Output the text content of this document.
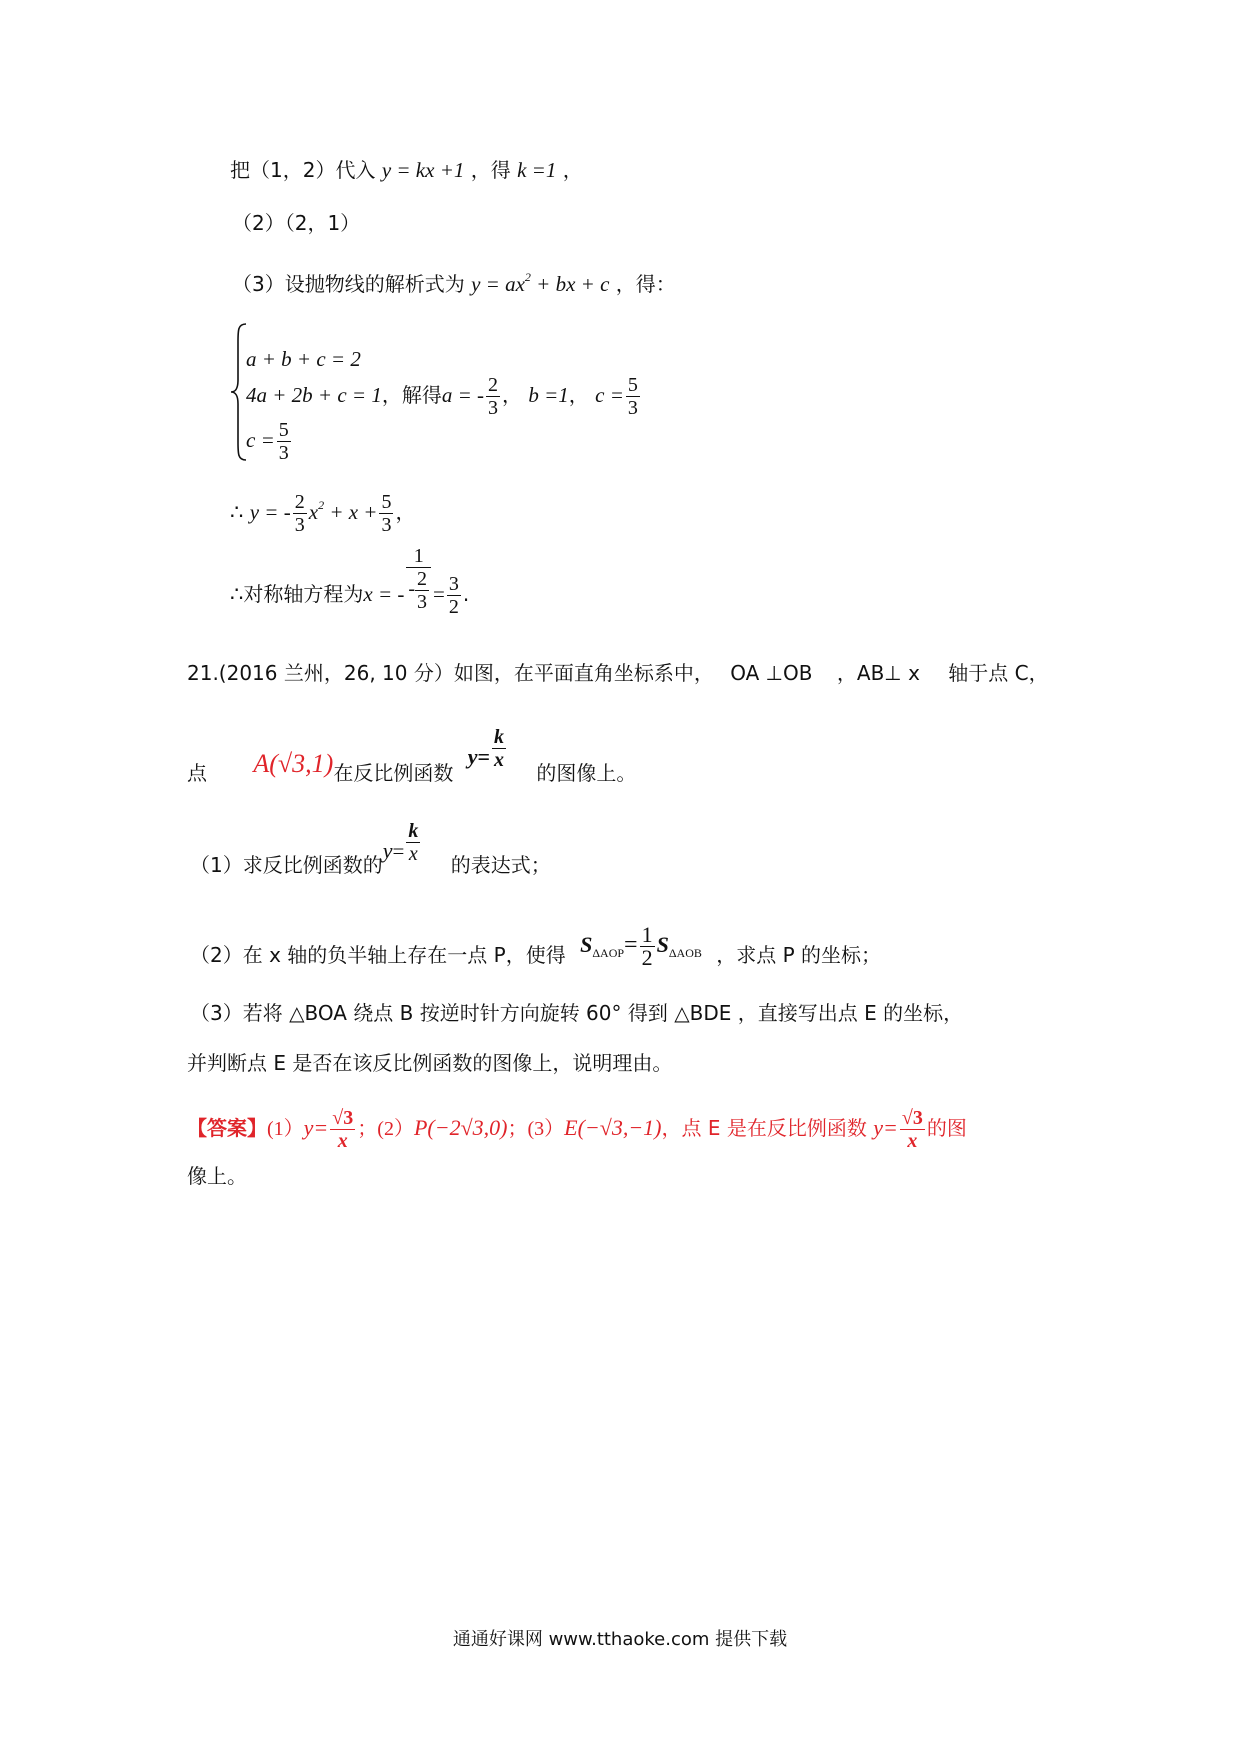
把（1，2）代入 y = kx +1 ，得 k =1 ，
（2）（2，1）
（3）设抛物线的解析式为 $y = ax^2$ + bx + c ，得：
a + b + c = 2
4a + 2b + c = 1，解得a = - $\frac{2}{3}$ ， b =1， $c = \frac{5}{3}$
$c = \frac{5}{3}$
∴ y = - $\frac{2}{3} x^2 + x + \frac{5}{3}$ ，
∴对称轴方程为x = - $\frac{1}{- \frac{2}{3}} = \frac{3}{2}$ .
21.(2016 兰州，26, 10 分）如图，在平面直角坐标系中， OA ⊥OB ，AB⊥ x 轴于点 C，
点 A(√3,1)在反比例函数
$y= \frac{k}{x}$
的图像上。
（1）求反比例函数的$y= \frac{k}{x}$ 的表达式；
（2）在 x 轴的负半轴上存在一点 P，使得 $S_{\Delta AOP}= \frac{1}{2} S_{\Delta AOB}$ ，求点 P 的坐标；
（3）若将 △BOA 绕点 B 按逆时针方向旋转 60° 得到 △BDE ，直接写出点 E 的坐标，
并判断点 E 是否在该反比例函数的图像上，说明理由。
【答案】$(1)y= \frac{√3}{x}$ ；(2）P(−2√3,0)；(3）E(−√3,−1)，点 E 是在反比例函数 $y= \frac{√3}{x}$ 的图
像上。
通通好课网 www.tthaoke.com 提供下载
